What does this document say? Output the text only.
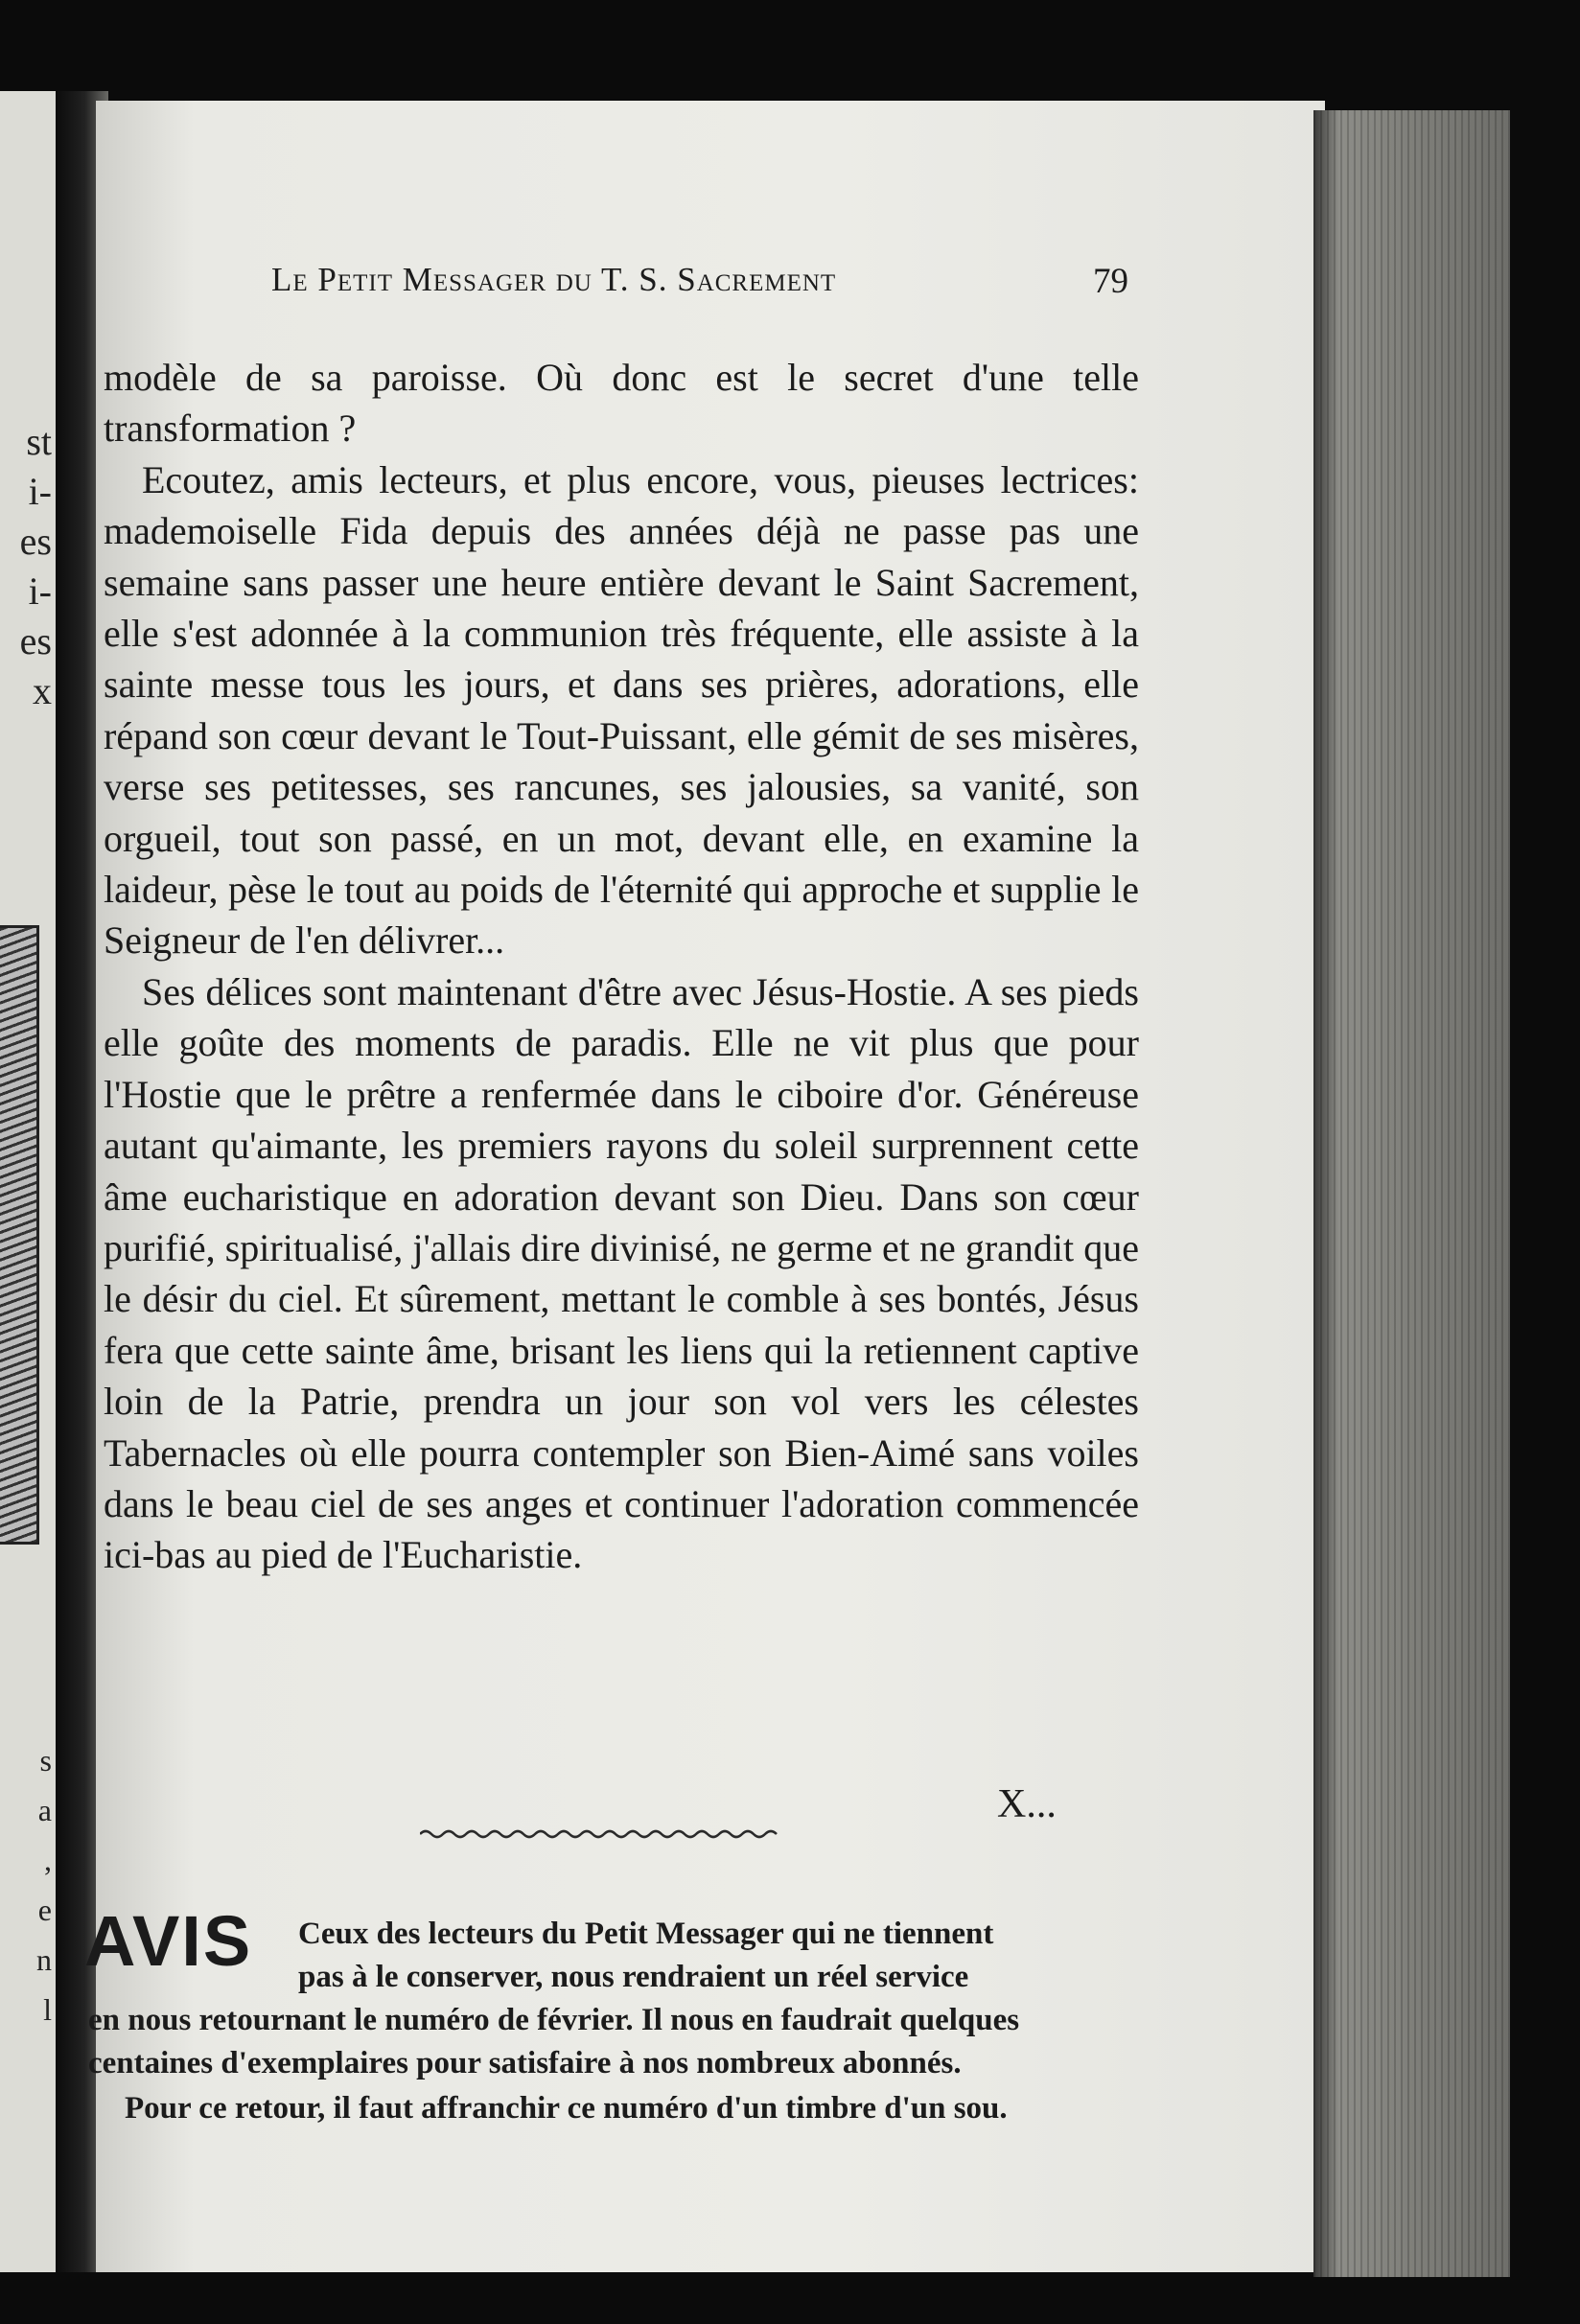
st
i-
es
i-
es
x
s
a
,
e
n
l
Le Petit Messager du T. S. Sacrement	79

modèle de sa paroisse. Où donc est le secret d'une telle transformation ?

Ecoutez, amis lecteurs, et plus encore, vous, pieuses lectrices: mademoiselle Fida depuis des années déjà ne passe pas une semaine sans passer une heure entière devant le Saint Sacrement, elle s'est adonnée à la communion très fréquente, elle assiste à la sainte messe tous les jours, et dans ses prières, adorations, elle répand son cœur devant le Tout-Puissant, elle gémit de ses misères, verse ses petitesses, ses rancunes, ses jalousies, sa vanité, son orgueil, tout son passé, en un mot, devant elle, en examine la laideur, pèse le tout au poids de l'éternité qui approche et supplie le Seigneur de l'en délivrer...

Ses délices sont maintenant d'être avec Jésus-Hostie. A ses pieds elle goûte des moments de paradis. Elle ne vit plus que pour l'Hostie que le prêtre a renfermée dans le ciboire d'or. Généreuse autant qu'aimante, les premiers rayons du soleil surprennent cette âme eucharistique en adoration devant son Dieu. Dans son cœur purifié, spiritualisé, j'allais dire divinisé, ne germe et ne grandit que le désir du ciel. Et sûrement, mettant le comble à ses bontés, Jésus fera que cette sainte âme, brisant les liens qui la retiennent captive loin de la Patrie, prendra un jour son vol vers les célestes Tabernacles où elle pourra contempler son Bien-Aimé sans voiles dans le beau ciel de ses anges et continuer l'adoration commencée ici-bas au pied de l'Eucharistie.

X...
AVIS Ceux des lecteurs du Petit Messager qui ne tiennent
pas à le conserver, nous rendraient un réel service
en nous retournant le numéro de février. Il nous en faudrait quelques
centaines d'exemplaires pour satisfaire à nos nombreux abonnés.
Pour ce retour, il faut affranchir ce numéro d'un timbre d'un sou.
